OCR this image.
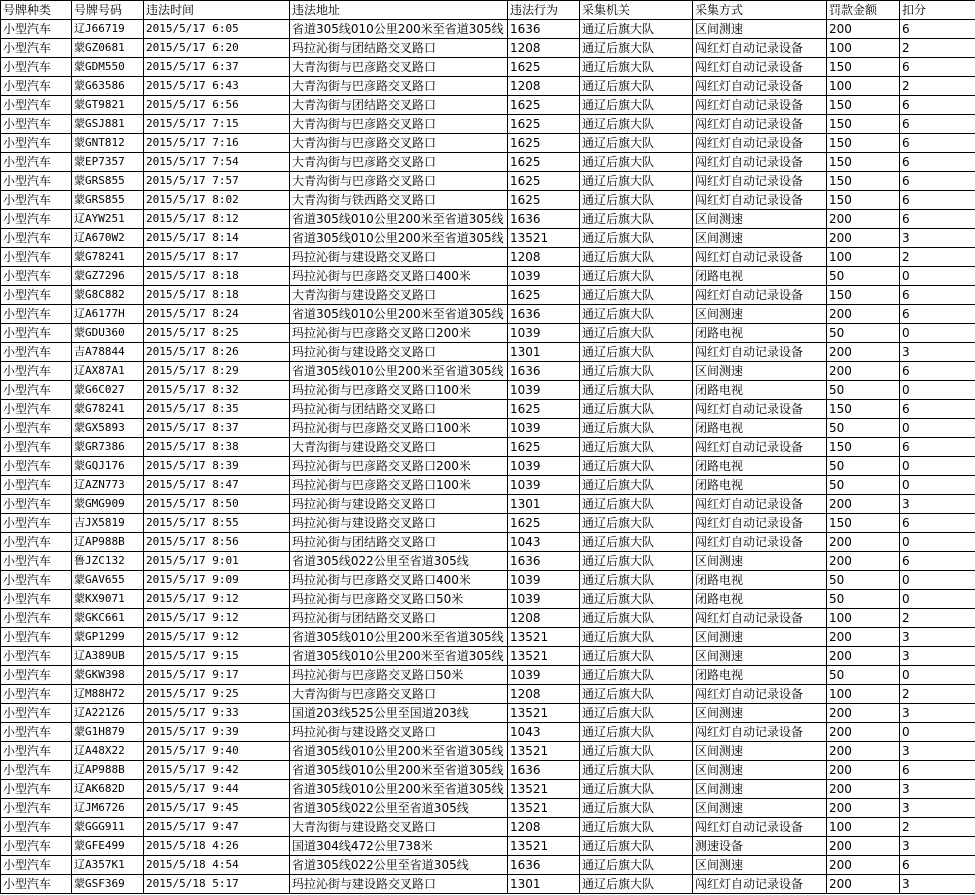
号牌种类	号牌号码	违法时间	违法地址	违法行为	采集机关	采集方式	罚款金额	扣分
小型汽车	辽J66719	2015/5/17 6:05	省道305线010公里200米至省道305线	1636	通辽后旗大队	区间测速	200	6
小型汽车	蒙GZ0681	2015/5/17 6:20	玛拉沁街与团结路交叉路口	1208	通辽后旗大队	闯红灯自动记录设备	100	2
小型汽车	蒙GDM550	2015/5/17 6:37	大青沟街与巴彦路交叉路口	1625	通辽后旗大队	闯红灯自动记录设备	150	6
小型汽车	蒙G63586	2015/5/17 6:43	大青沟街与巴彦路交叉路口	1208	通辽后旗大队	闯红灯自动记录设备	100	2
小型汽车	蒙GT9821	2015/5/17 6:56	大青沟街与团结路交叉路口	1625	通辽后旗大队	闯红灯自动记录设备	150	6
小型汽车	蒙GSJ881	2015/5/17 7:15	大青沟街与巴彦路交叉路口	1625	通辽后旗大队	闯红灯自动记录设备	150	6
小型汽车	蒙GNT812	2015/5/17 7:16	大青沟街与巴彦路交叉路口	1625	通辽后旗大队	闯红灯自动记录设备	150	6
小型汽车	蒙EP7357	2015/5/17 7:54	大青沟街与巴彦路交叉路口	1625	通辽后旗大队	闯红灯自动记录设备	150	6
小型汽车	蒙GRS855	2015/5/17 7:57	大青沟街与巴彦路交叉路口	1625	通辽后旗大队	闯红灯自动记录设备	150	6
小型汽车	蒙GRS855	2015/5/17 8:02	大青沟街与铁西路交叉路口	1625	通辽后旗大队	闯红灯自动记录设备	150	6
小型汽车	辽AYW251	2015/5/17 8:12	省道305线010公里200米至省道305线	1636	通辽后旗大队	区间测速	200	6
小型汽车	辽A670W2	2015/5/17 8:14	省道305线010公里200米至省道305线	13521	通辽后旗大队	区间测速	200	3
小型汽车	蒙G78241	2015/5/17 8:17	玛拉沁街与建设路交叉路口	1208	通辽后旗大队	闯红灯自动记录设备	100	2
小型汽车	蒙GZ7296	2015/5/17 8:18	玛拉沁街与巴彦路交叉路口400米	1039	通辽后旗大队	闭路电视	50	0
小型汽车	蒙G8C882	2015/5/17 8:18	大青沟街与建设路交叉路口	1625	通辽后旗大队	闯红灯自动记录设备	150	6
小型汽车	辽A6177H	2015/5/17 8:24	省道305线010公里200米至省道305线	1636	通辽后旗大队	区间测速	200	6
小型汽车	蒙GDU360	2015/5/17 8:25	玛拉沁街与巴彦路交叉路口200米	1039	通辽后旗大队	闭路电视	50	0
小型汽车	吉A78844	2015/5/17 8:26	玛拉沁街与建设路交叉路口	1301	通辽后旗大队	闯红灯自动记录设备	200	3
小型汽车	辽AX87A1	2015/5/17 8:29	省道305线010公里200米至省道305线	1636	通辽后旗大队	区间测速	200	6
小型汽车	蒙G6C027	2015/5/17 8:32	玛拉沁街与巴彦路交叉路口100米	1039	通辽后旗大队	闭路电视	50	0
小型汽车	蒙G78241	2015/5/17 8:35	玛拉沁街与团结路交叉路口	1625	通辽后旗大队	闯红灯自动记录设备	150	6
小型汽车	蒙GX5893	2015/5/17 8:37	玛拉沁街与巴彦路交叉路口100米	1039	通辽后旗大队	闭路电视	50	0
小型汽车	蒙GR7386	2015/5/17 8:38	大青沟街与建设路交叉路口	1625	通辽后旗大队	闯红灯自动记录设备	150	6
小型汽车	蒙GQJ176	2015/5/17 8:39	玛拉沁街与巴彦路交叉路口200米	1039	通辽后旗大队	闭路电视	50	0
小型汽车	辽AZN773	2015/5/17 8:47	玛拉沁街与巴彦路交叉路口100米	1039	通辽后旗大队	闭路电视	50	0
小型汽车	蒙GMG909	2015/5/17 8:50	玛拉沁街与建设路交叉路口	1301	通辽后旗大队	闯红灯自动记录设备	200	3
小型汽车	吉JX5819	2015/5/17 8:55	玛拉沁街与建设路交叉路口	1625	通辽后旗大队	闯红灯自动记录设备	150	6
小型汽车	辽AP988B	2015/5/17 8:56	玛拉沁街与团结路交叉路口	1043	通辽后旗大队	闯红灯自动记录设备	200	0
小型汽车	鲁JZC132	2015/5/17 9:01	省道305线022公里至省道305线	1636	通辽后旗大队	区间测速	200	6
小型汽车	蒙GAV655	2015/5/17 9:09	玛拉沁街与巴彦路交叉路口400米	1039	通辽后旗大队	闭路电视	50	0
小型汽车	蒙KX9071	2015/5/17 9:12	玛拉沁街与巴彦路交叉路口50米	1039	通辽后旗大队	闭路电视	50	0
小型汽车	蒙GKC661	2015/5/17 9:12	玛拉沁街与团结路交叉路口	1208	通辽后旗大队	闯红灯自动记录设备	100	2
小型汽车	蒙GP1299	2015/5/17 9:12	省道305线010公里200米至省道305线	13521	通辽后旗大队	区间测速	200	3
小型汽车	辽A389UB	2015/5/17 9:15	省道305线010公里200米至省道305线	13521	通辽后旗大队	区间测速	200	3
小型汽车	蒙GKW398	2015/5/17 9:17	玛拉沁街与巴彦路交叉路口50米	1039	通辽后旗大队	闭路电视	50	0
小型汽车	辽M88H72	2015/5/17 9:25	大青沟街与巴彦路交叉路口	1208	通辽后旗大队	闯红灯自动记录设备	100	2
小型汽车	辽A221Z6	2015/5/17 9:33	国道203线525公里至国道203线	13521	通辽后旗大队	区间测速	200	3
小型汽车	蒙G1H879	2015/5/17 9:39	玛拉沁街与建设路交叉路口	1043	通辽后旗大队	闯红灯自动记录设备	200	0
小型汽车	辽A48X22	2015/5/17 9:40	省道305线010公里200米至省道305线	13521	通辽后旗大队	区间测速	200	3
小型汽车	辽AP988B	2015/5/17 9:42	省道305线010公里200米至省道305线	1636	通辽后旗大队	区间测速	200	6
小型汽车	辽AK682D	2015/5/17 9:44	省道305线010公里200米至省道305线	13521	通辽后旗大队	区间测速	200	3
小型汽车	辽JM6726	2015/5/17 9:45	省道305线022公里至省道305线	13521	通辽后旗大队	区间测速	200	3
小型汽车	蒙GGG911	2015/5/17 9:47	大青沟街与建设路交叉路口	1208	通辽后旗大队	闯红灯自动记录设备	100	2
小型汽车	蒙GFE499	2015/5/18 4:26	国道304线472公里738米	13521	通辽后旗大队	测速设备	200	3
小型汽车	辽A357K1	2015/5/18 4:54	省道305线022公里至省道305线	1636	通辽后旗大队	区间测速	200	6
小型汽车	蒙GSF369	2015/5/18 5:17	玛拉沁街与建设路交叉路口	1301	通辽后旗大队	闯红灯自动记录设备	200	3
